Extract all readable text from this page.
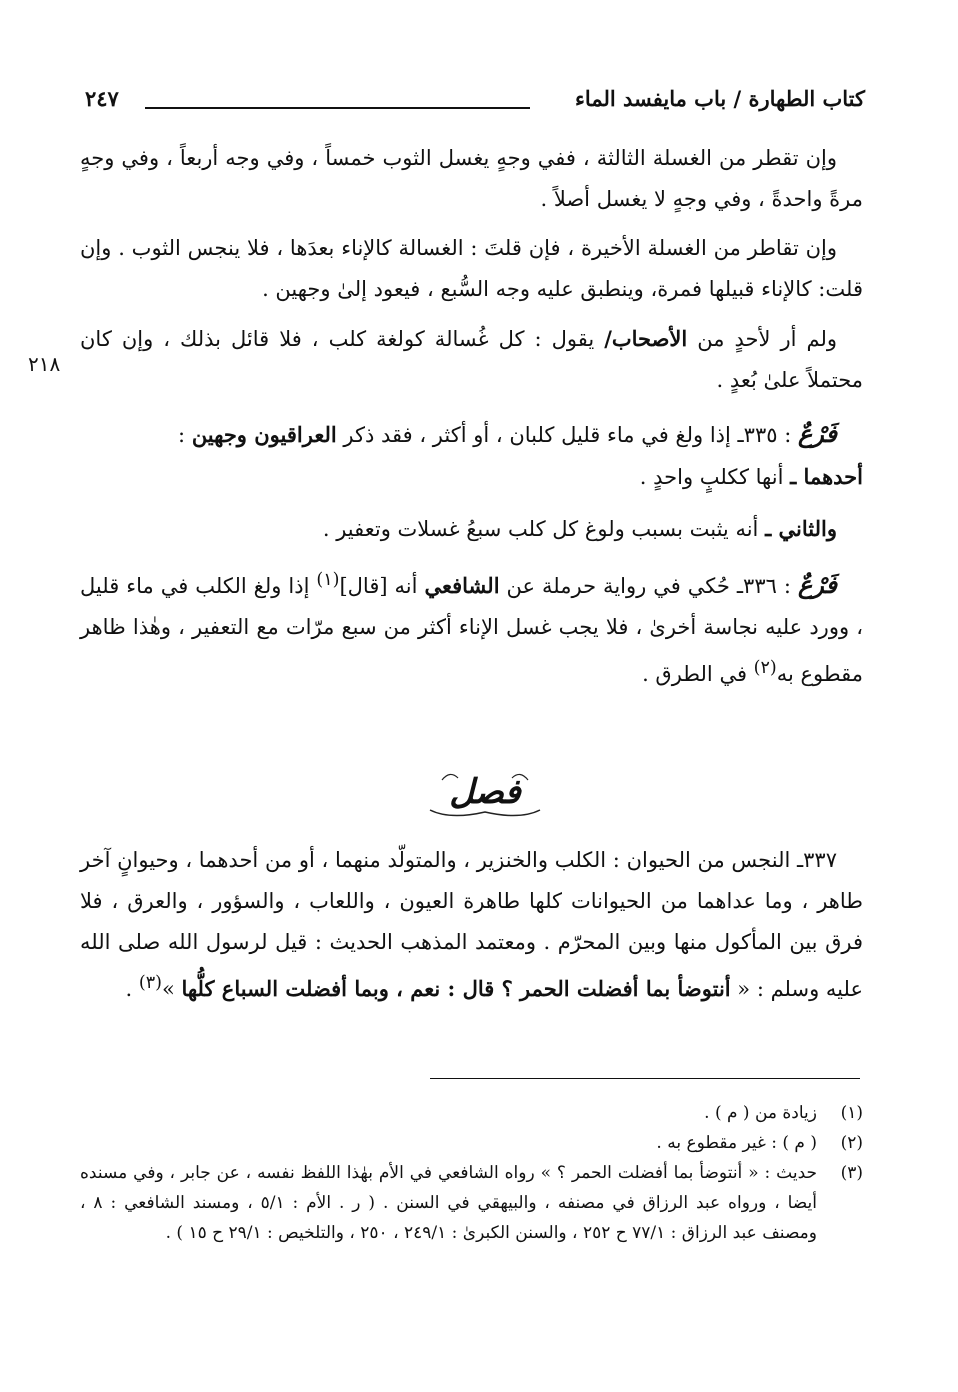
كتاب الطهارة / باب مايفسد الماء
٢٤٧

وإن تقطر من الغسلة الثالثة ، ففي وجهٍ يغسل الثوب خمساً ، وفي وجه أربعاً ، وفي وجهٍ مرةً واحدةً ، وفي وجهٍ لا يغسل أصلاً .

وإن تقاطر من الغسلة الأخيرة ، فإن قلتَ : الغسالة كالإناء بعدَها ، فلا ينجس الثوب . وإن قلت: كالإناء قبيلها فمرة، وينطبق عليه وجه السُّبع ، فيعود إلىٰ وجهين .

ولم أر لأحدٍ من الأصحاب/ يقول : كل غُسالة كولغة كلب ، فلا قائل بذلك ، وإن كان محتملاً علىٰ بُعدٍ .

فَرْعٌ : ٣٣٥ـ إذا ولغ في ماء قليل كلبان ، أو أكثر ، فقد ذكر العراقيون وجهين :

أحدهما ـ أنها ككلبٍ واحدٍ .

والثاني ـ أنه يثبت بسبب ولوغ كل كلب سبعُ غسلات وتعفير .

فَرْعٌ : ٣٣٦ـ حُكي في رواية حرملة عن الشافعي أنه [قال]$^{(١)}$ إذا ولغ الكلب في ماء قليل ، وورد عليه نجاسة أخرىٰ ، فلا يجب غسل الإناء أكثر من سبع مرّات مع التعفير ، وهٰذا ظاهر مقطوع به$^{(٢)}$ في الطرق .

٢١٨
فصل

٣٣٧ـ النجس من الحيوان : الكلب والخنزير ، والمتولّد منهما ، أو من أحدهما ، وحيوانٍ آخر طاهر ، وما عداهما من الحيوانات كلها طاهرة العيون ، واللعاب ، والسؤور ، والعرق ، فلا فرق بين المأكول منها وبين المحرّم . ومعتمد المذهب الحديث : قيل لرسول الله صلى الله عليه وسلم : « أنتوضأ بما أفضلت الحمر ؟ قال : نعم ، وبما أفضلت السباع كلُّها »$^{(٣)}$ .

(١)
زيادة من ( م ) .
(٢)
( م ) : غير مقطوع به .
(٣)
حديث : « أنتوضأ بما أفضلت الحمر ؟ » رواه الشافعي في الأم بهٰذا اللفظ نفسه ، عن جابر ، وفي مسنده أيضا ، ورواه عبد الرزاق في مصنفه ، والبيهقي في السنن . ( ر . الأم : ٥/١ ، ومسند الشافعي : ٨ ، ومصنف عبد الرزاق : ٧٧/١ ح ٢٥٢ ، والسنن الكبرىٰ : ٢٤٩/١ ، ٢٥٠ ، والتلخيص : ٢٩/١ ح ١٥ ) .
